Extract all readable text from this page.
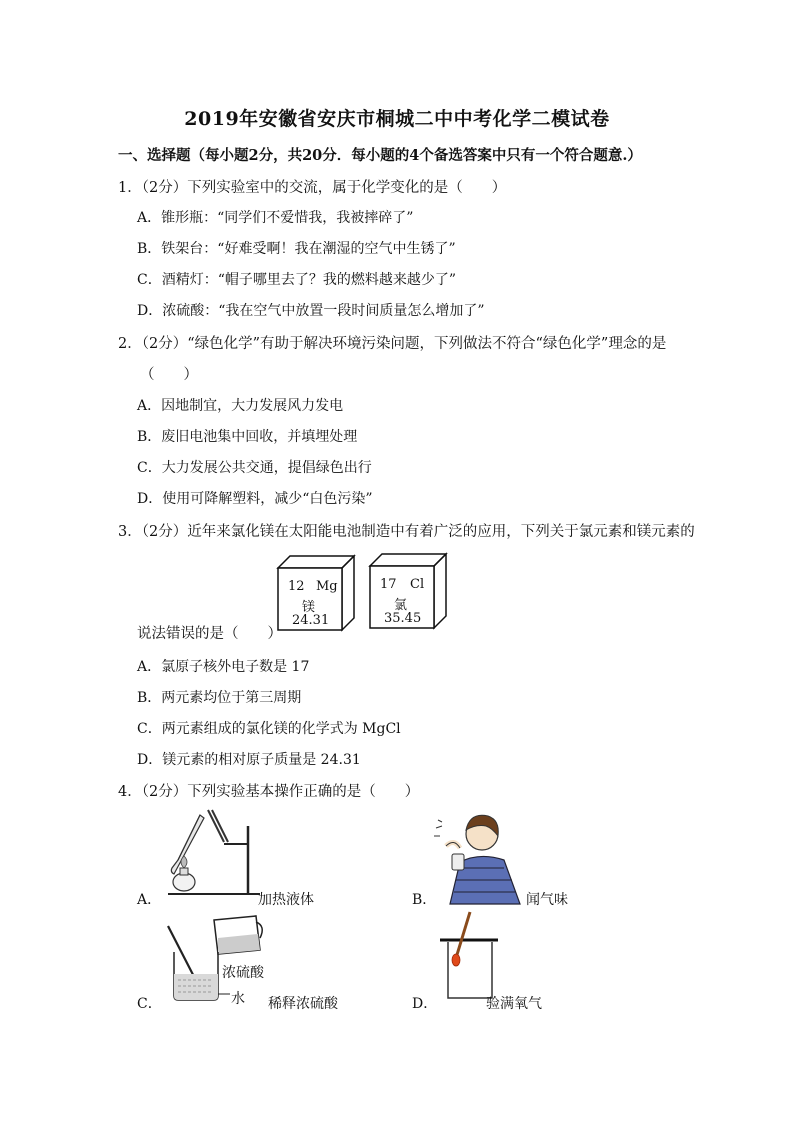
2019年安徽省安庆市桐城二中中考化学二模试卷
一、选择题（每小题2分，共20分．每小题的4个备选答案中只有一个符合题意.）
1．（2分）下列实验室中的交流，属于化学变化的是（　　）
A．锥形瓶：“同学们不爱惜我，我被摔碎了”
B．铁架台：“好难受啊！我在潮湿的空气中生锈了”
C．酒精灯：“帽子哪里去了？我的燃料越来越少了”
D．浓硫酸：“我在空气中放置一段时间质量怎么增加了”
2．（2分）“绿色化学”有助于解决环境污染问题，下列做法不符合“绿色化学”理念的是
（　　）
A．因地制宜，大力发展风力发电
B．废旧电池集中回收，并填埋处理
C．大力发展公共交通，提倡绿色出行
D．使用可降解塑料，减少“白色污染”
3．（2分）近年来氯化镁在太阳能电池制造中有着广泛的应用，下列关于氯元素和镁元素的
12 Mg
镁
24.31
17 Cl
氯
35.45
说法错误的是（　　）
A．氯原子核外电子数是 17
B．两元素均位于第三周期
C．两元素组成的氯化镁的化学式为 MgCl
D．镁元素的相对原子质量是 24.31
4．（2分）下列实验基本操作正确的是（　　）
A．	加热液体	B．	闻气味
浓硫酸
水
C．	稀释浓硫酸	D．	验满氧气
